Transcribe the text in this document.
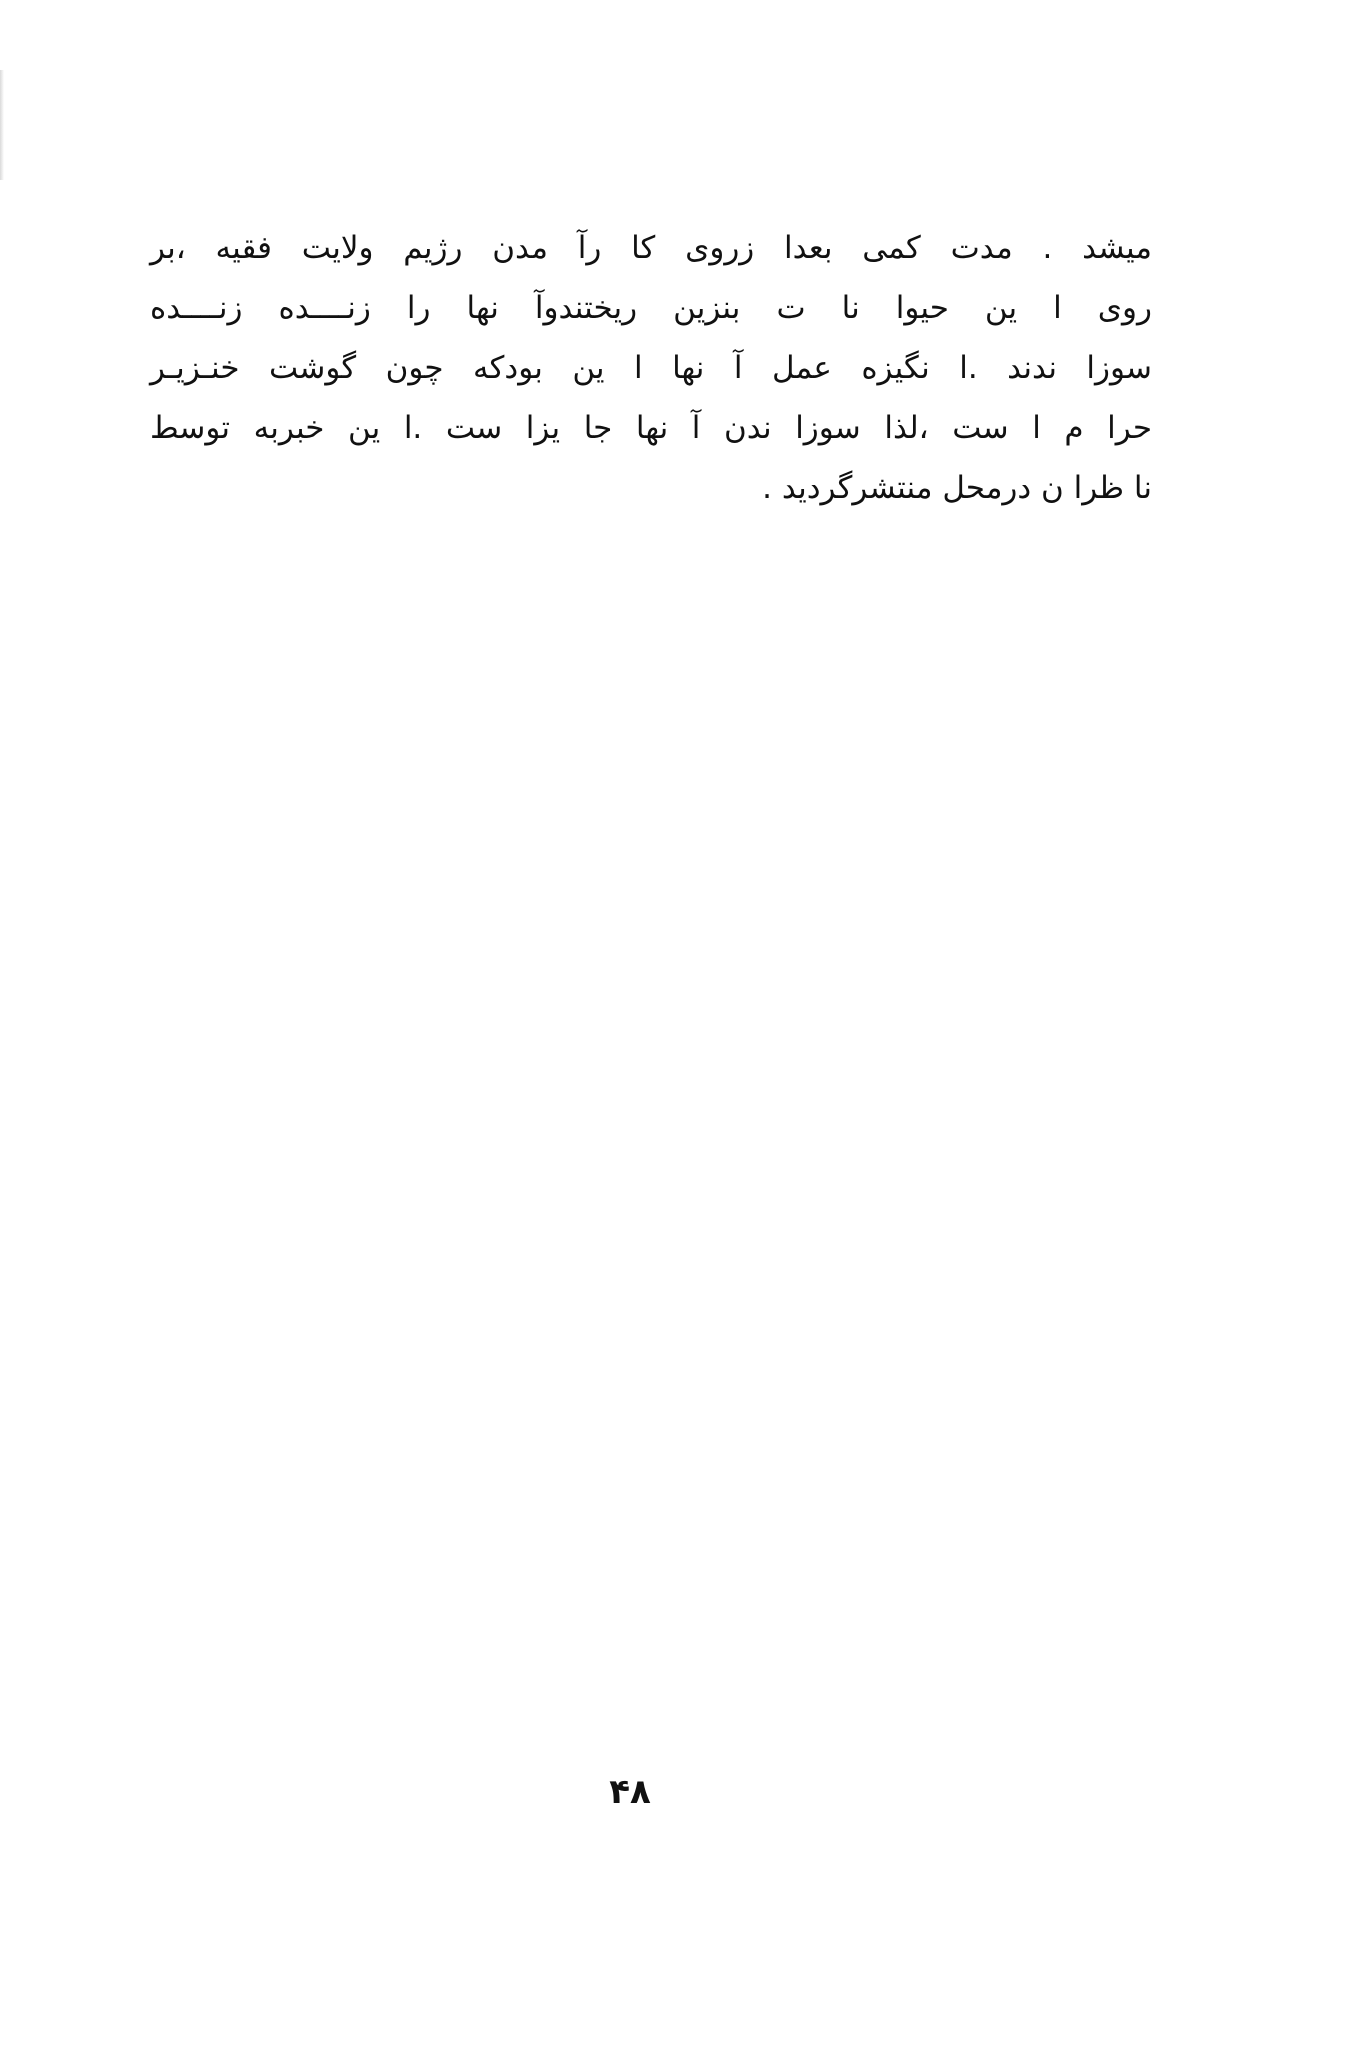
میشد . مدت کمی بعدا زروی کا رآ مدن رژیم ولایت فقیه ،بر
روی ا ین حیوا نا ت بنزین ریختندوآ نها را زنــــده زنــــده
سوزا ندند .ا نگیزه عمل آ نها ا ین بودکه چون گوشت خنـزیـر
حرا م ا ست ،لذا سوزا ندن آ نها جا یزا ست .ا ین خبربه توسط
نا ظرا ن درمحل منتشرگردید .
۴۸
